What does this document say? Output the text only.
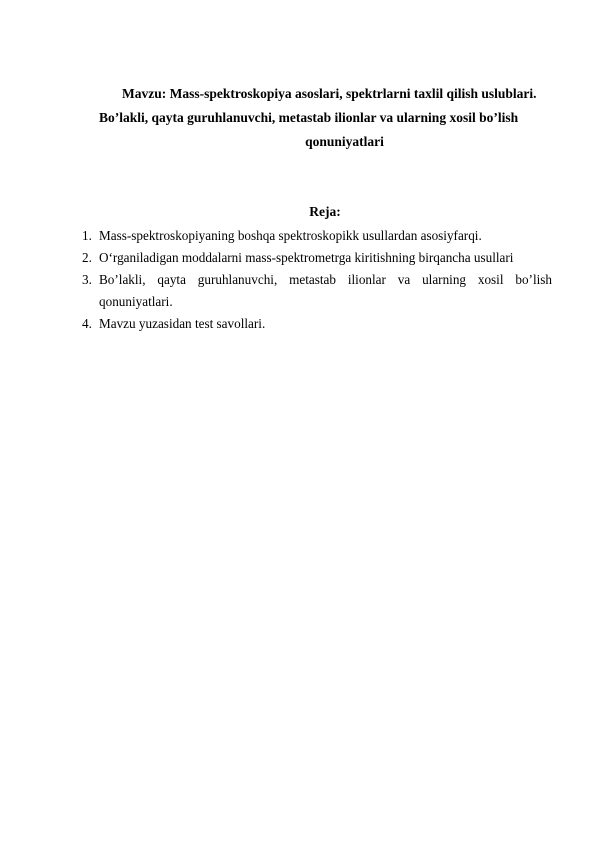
Mavzu: Mass-spektroskopiya asoslari, spektrlarni taxlil qilish uslublari.
Bo’lakli, qayta guruhlanuvchi, metastab ilionlar va ularning xosil bo’lish
qonuniyatlari
Reja:
1. Mass-spektroskopiyaning boshqa spektroskopikk usullardan asosiyfarqi.
2. O‘rganiladigan moddalarni mass-spektrometrga kiritishning birqancha usullari
3. Bo’lakli, qayta guruhlanuvchi, metastab ilionlar va ularning xosil bo’lish
qonuniyatlari.
4. Mavzu yuzasidan test savollari.
